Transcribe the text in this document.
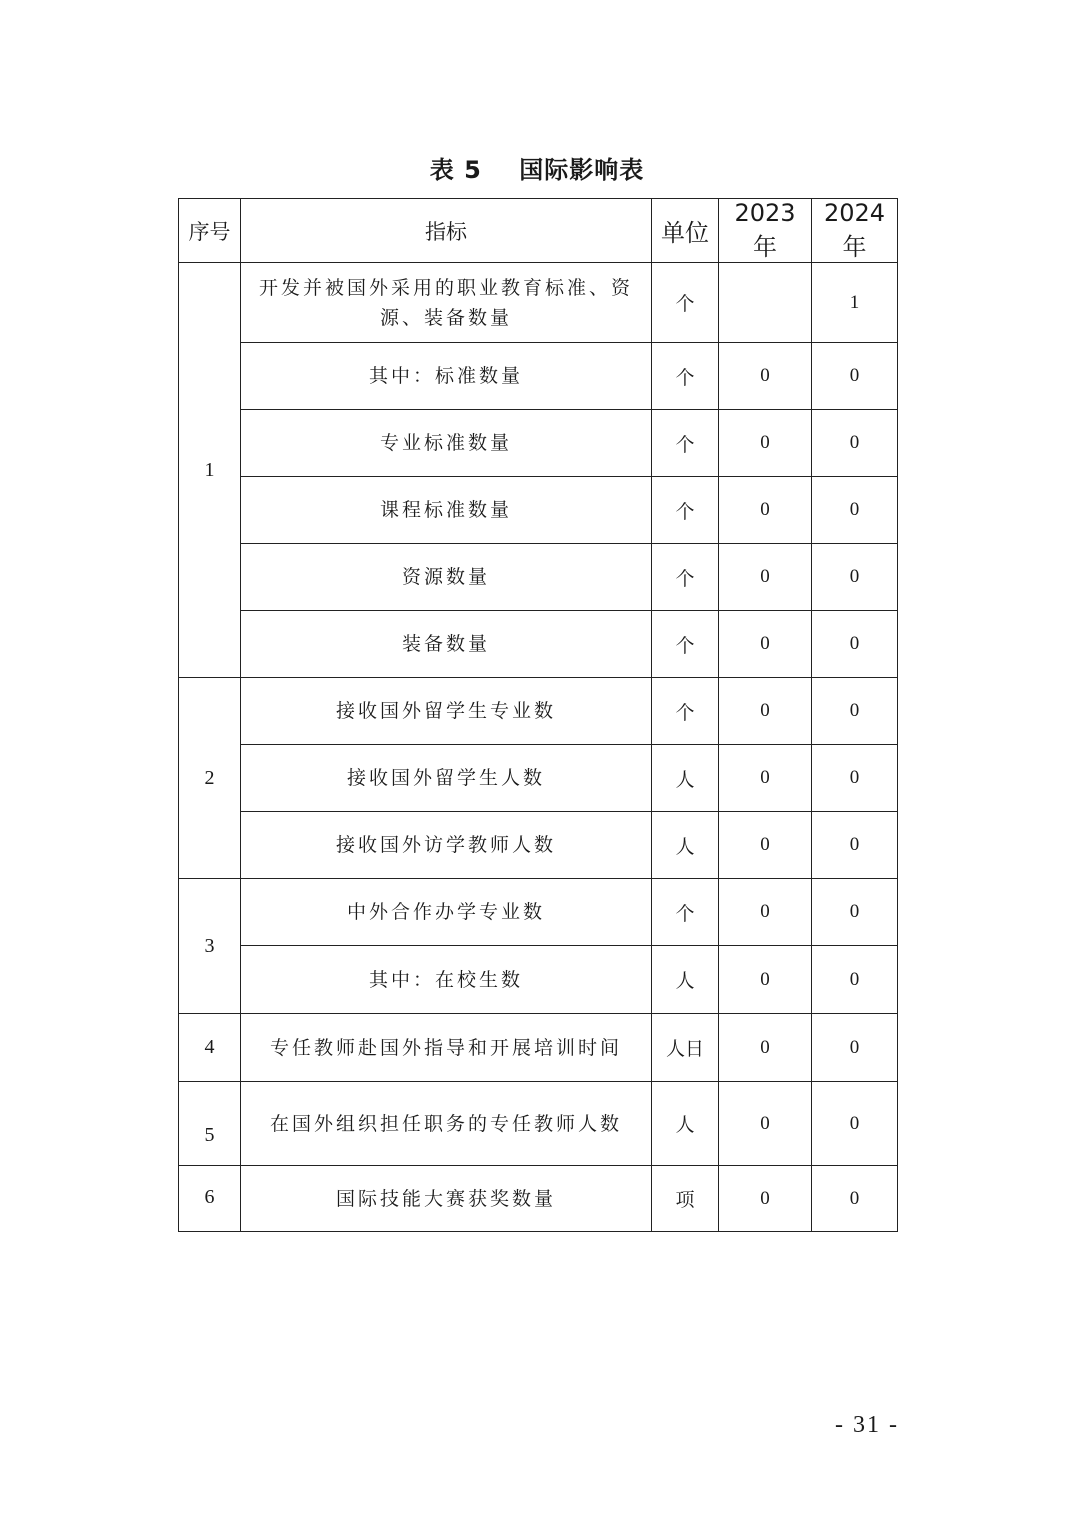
表 5    国际影响表
序号	指标	单位	2023 年	2024 年
1	开发并被国外采用的职业教育标准、资源、装备数量	个		1
	其中：标准数量	个	0	0
	专业标准数量	个	0	0
	课程标准数量	个	0	0
	资源数量	个	0	0
	装备数量	个	0	0
2	接收国外留学生专业数	个	0	0
	接收国外留学生人数	人	0	0
	接收国外访学教师人数	人	0	0
3	中外合作办学专业数	个	0	0
	其中：在校生数	人	0	0
4	专任教师赴国外指导和开展培训时间	人日	0	0
5	在国外组织担任职务的专任教师人数	人	0	0
6	国际技能大赛获奖数量	项	0	0
- 31 -
